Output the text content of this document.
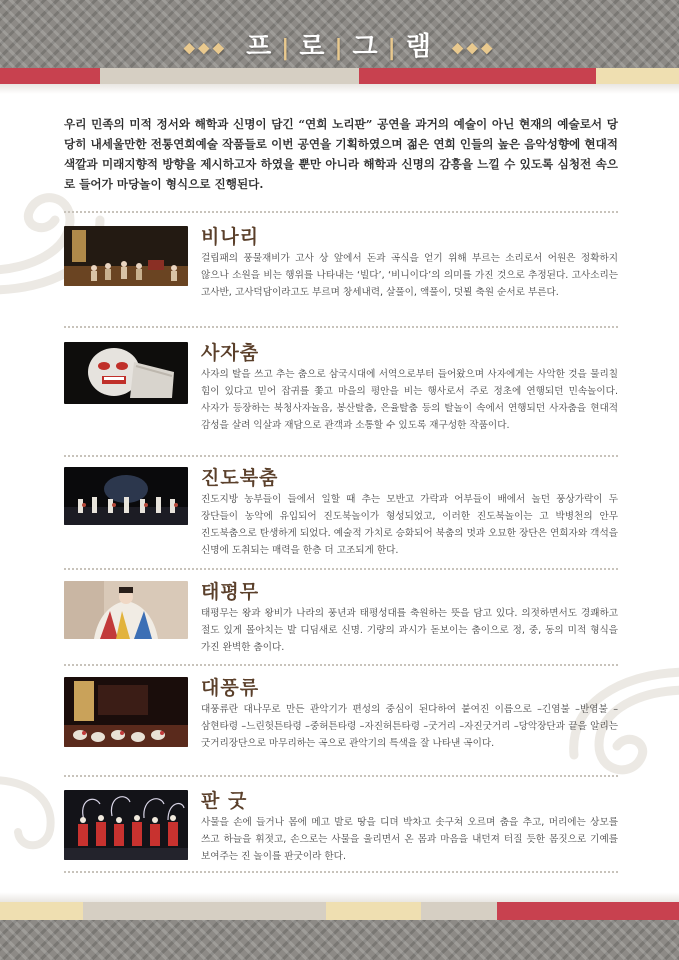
◆◆◆ 프 | 로 | 그 | 램 ◆◆◆
우리 민족의 미적 정서와 해학과 신명이 담긴 “연희 노리판” 공연을 과거의 예술이 아닌 현재의 예술로서 당당히 내세울만한 전통연희예술 작품들로 이번 공연을 기획하였으며 젊은 연희 인들의 높은 음악성향에 현대적 색깔과 미래지향적 방향을 제시하고자 하였을 뿐만 아니라 해학과 신명의 감흥을 느낄 수 있도록 심청전 속으로 들어가 마당놀이 형식으로 진행된다.
비나리
걸립패의 풍물재비가 고사 상 앞에서 돈과 곡식을 얻기 위해 부르는 소리로서 어원은 정확하지 않으나 소원을 비는 행위를 나타내는 ‘빌다’, ‘비니이다’의 의미를 가진 것으로 추정된다. 고사소리는 고사반, 고사덕담이라고도 부르며 창세내력, 살풀이, 액풀이, 덧뵐 축원 순서로 부른다.
사자춤
사자의 탈을 쓰고 추는 춤으로 삼국시대에 서역으로부터 들어왔으며 사자에게는 사악한 것을 물리칠 힘이 있다고 믿어 잡귀를 쫓고 마을의 평안을 비는 행사로서 주로 정초에 연행되던 민속놀이다. 사자가 등장하는 북청사자놀음, 봉산탈춤, 은율탈춤 등의 탈놀이 속에서 연행되던 사자춤을 현대적 감성을 살려 익살과 재담으로 관객과 소통할 수 있도록 재구성한 작품이다.
진도북춤
진도지방 농부들이 들에서 일할 때 추는 모반고 가락과 어부들이 배에서 놀던 풍상가락이 두 장단들이 농악에 유입되어 진도북놀이가 형성되었고, 이러한 진도북놀이는 고 박병천의 안무 진도북춤으로 탄생하게 되었다. 예술적 가치로 승화되어 북춤의 멋과 오묘한 장단은 연희자와 객석을 신명에 도취되는 매력을 한층 더 고조되게 한다.
태평무
태평무는 왕과 왕비가 나라의 풍년과 태평성대를 축원하는 뜻을 담고 있다. 의젓하면서도 경쾌하고 절도 있게 몰아치는 발 디딤새로 신명. 기량의 과시가 돋보이는 춤이으로 정, 중, 동의 미적 형식을 가진 완벽한 춤이다.
대풍류
대풍류란 대나무로 만든 관악기가 편성의 중심이 된다하여 붙여진 이름으로 –긴염불 –반염불 –삼현타령 –느린헛튼타령 –중허튼타령 –자진허튼타령 –굿거리 –자진굿거리 –당악장단과 끝을 알리는 굿거리장단으로 마무리하는 곡으로 관악기의 특색을 잘 나타낸 곡이다.
판 굿
사물을 손에 들거나 몸에 메고 발로 땅을 디뎌 박차고 솟구쳐 오르며 춤을 추고, 머리에는 상모를 쓰고 하늘을 휘젓고, 손으로는 사물을 울리면서 온 몸과 마음을 내던져 터질 듯한 몸짓으로 기예를 보여주는 진 놀이를 판굿이라 한다.
